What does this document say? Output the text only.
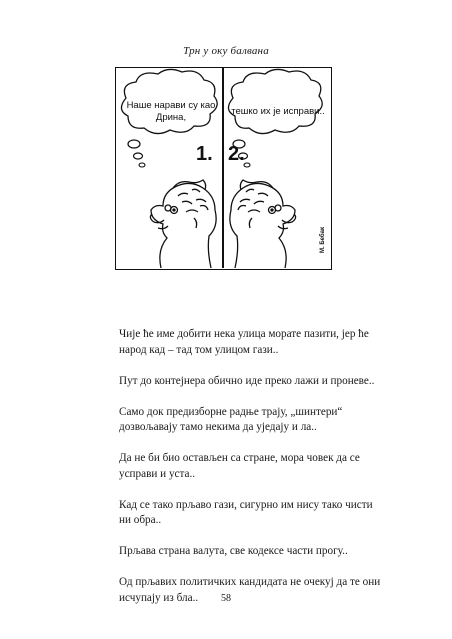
Трн у оку балвана
Наше нарави су као
Дрина,
тешко их је исправи..
1. 2.
М. Бебак

Чије ће име добити нека улица морате пазити, јер ће народ кад – тад том улицом гази..

Пут до контејнера обично иде преко лажи и проневе..

Само док предизборне радње трају, „шинтери“ дозвољавају тамо некима да уједају и ла..

Да не би био остављен са стране, мора човек да се усправи и уста..

Кад се тако прљаво гази, сигурно им нису тако чисти ни обра..

Прљава страна валута, све кодексе части прогу..

Од прљавих политичких кандидата не очекуј да те они исчупају из бла..	58
